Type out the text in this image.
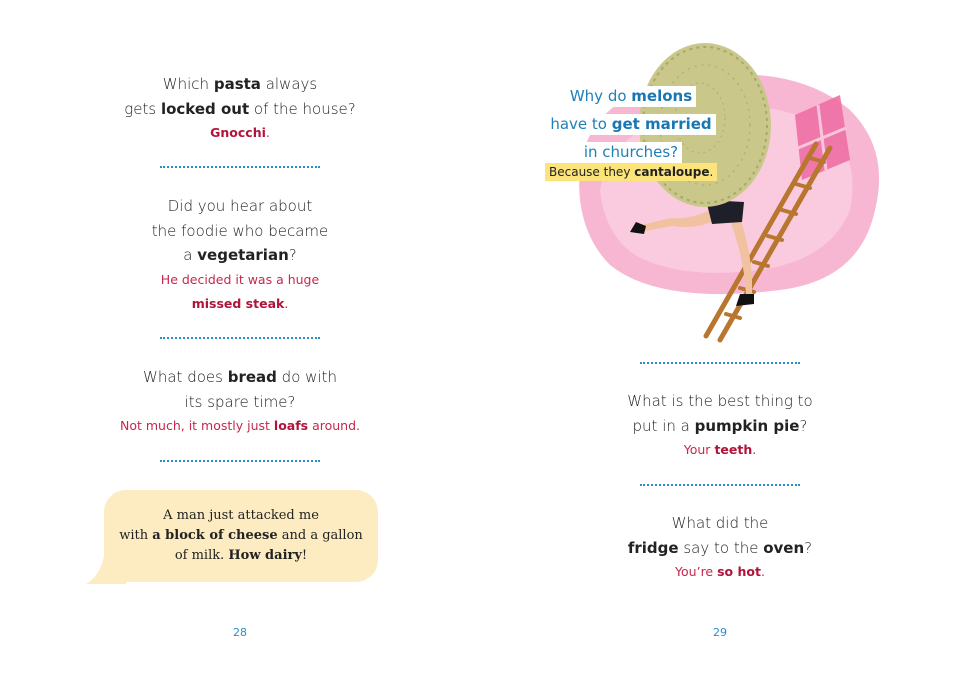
Which pasta always
gets locked out of the house?
Gnocchi.
Did you hear about
the foodie who became
a vegetarian?
He decided it was a huge
missed steak.
What does bread do with
its spare time?
Not much, it mostly just loafs around.
A man just attacked me
with a block of cheese and a gallon
of milk. How dairy!
28
Why do melons
have to get married
in churches?
Because they cantaloupe.
What is the best thing to
put in a pumpkin pie?
Your teeth.
What did the
fridge say to the oven?
You’re so hot.
29
